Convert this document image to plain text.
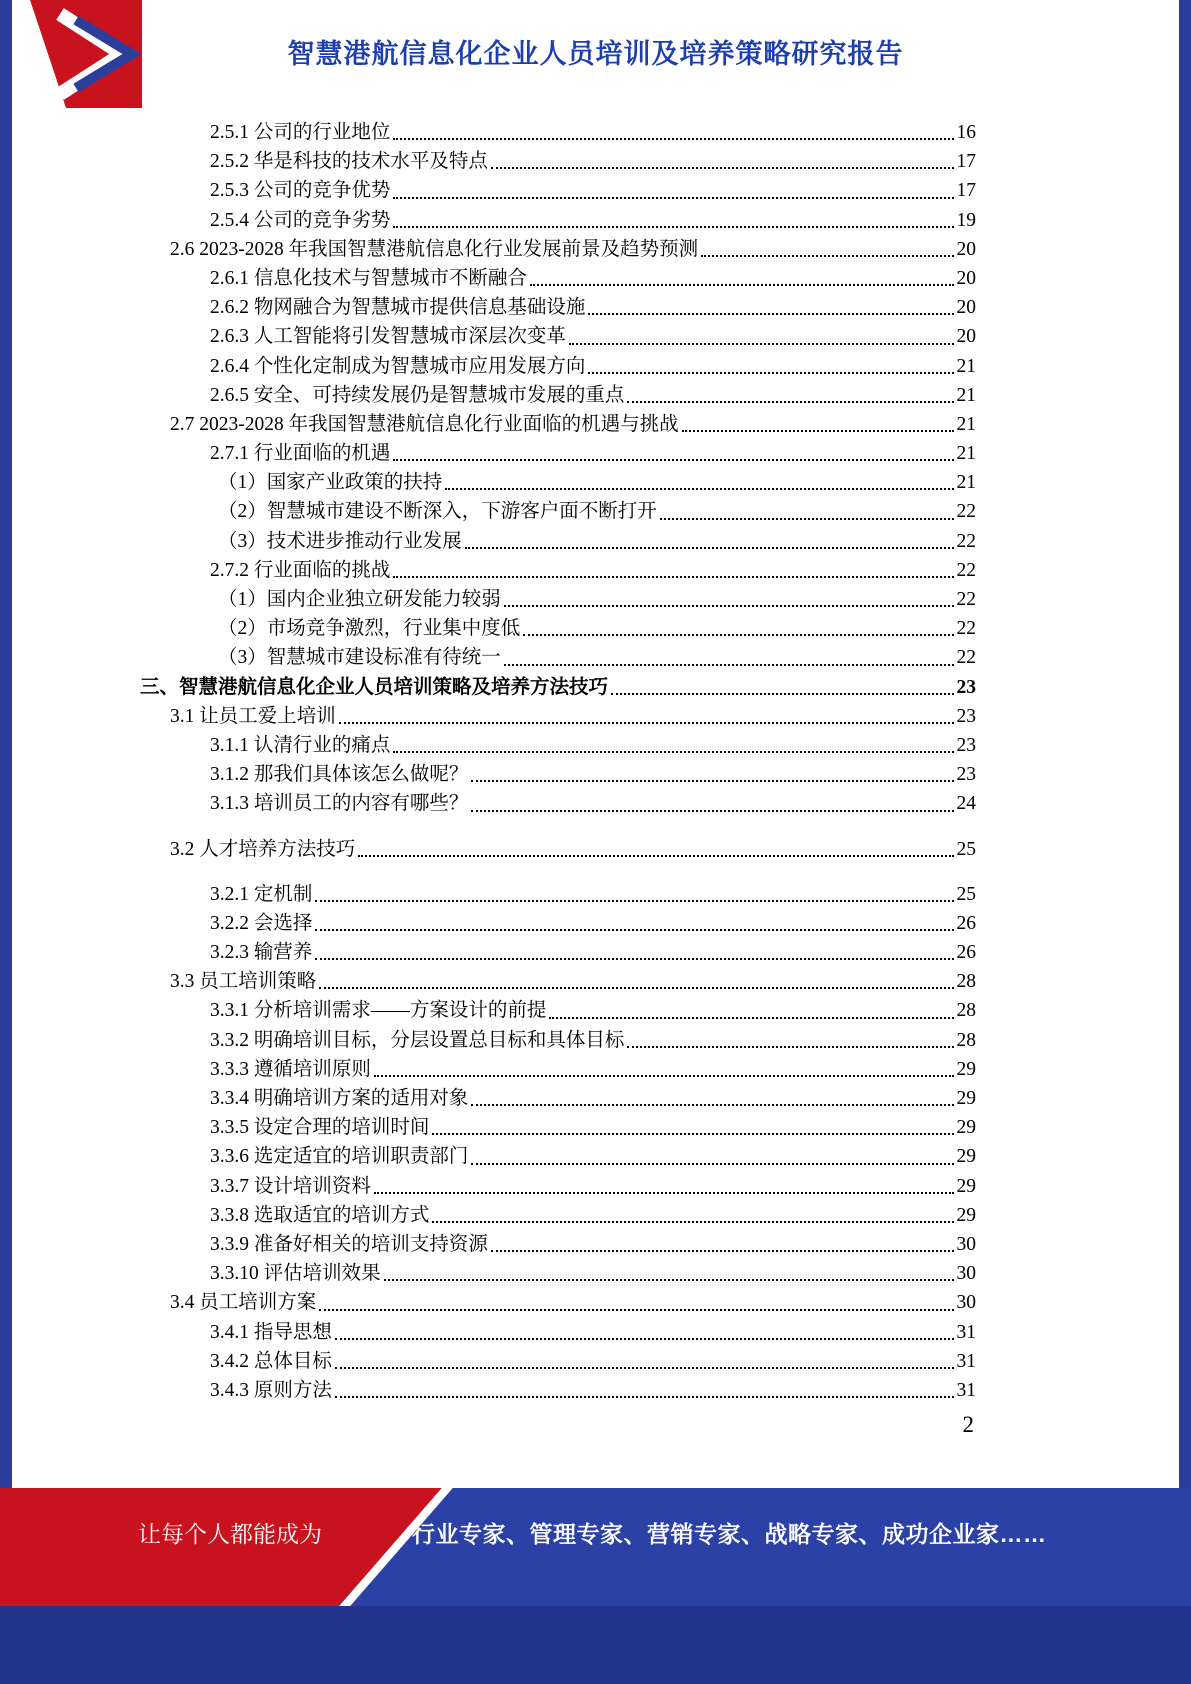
智慧港航信息化企业人员培训及培养策略研究报告
2.5.1 公司的行业地位	16
2.5.2 华是科技的技术水平及特点	17
2.5.3 公司的竞争优势	17
2.5.4 公司的竞争劣势	19
2.6 2023-2028 年我国智慧港航信息化行业发展前景及趋势预测	20
2.6.1 信息化技术与智慧城市不断融合	20
2.6.2 物网融合为智慧城市提供信息基础设施	20
2.6.3 人工智能将引发智慧城市深层次变革	20
2.6.4 个性化定制成为智慧城市应用发展方向	21
2.6.5 安全、可持续发展仍是智慧城市发展的重点	21
2.7 2023-2028 年我国智慧港航信息化行业面临的机遇与挑战	21
2.7.1 行业面临的机遇	21
（1）国家产业政策的扶持	21
（2）智慧城市建设不断深入，下游客户面不断打开	22
（3）技术进步推动行业发展	22
2.7.2 行业面临的挑战	22
（1）国内企业独立研发能力较弱	22
（2）市场竞争激烈，行业集中度低	22
（3）智慧城市建设标准有待统一	22
三、智慧港航信息化企业人员培训策略及培养方法技巧	23
3.1 让员工爱上培训	23
3.1.1 认清行业的痛点	23
3.1.2 那我们具体该怎么做呢？	23
3.1.3 培训员工的内容有哪些？	24
3.2 人才培养方法技巧	25
3.2.1 定机制	25
3.2.2 会选择	26
3.2.3 输营养	26
3.3 员工培训策略	28
3.3.1 分析培训需求——方案设计的前提	28
3.3.2 明确培训目标，分层设置总目标和具体目标	28
3.3.3 遵循培训原则	29
3.3.4 明确培训方案的适用对象	29
3.3.5 设定合理的培训时间	29
3.3.6 选定适宜的培训职责部门	29
3.3.7 设计培训资料	29
3.3.8 选取适宜的培训方式	29
3.3.9 准备好相关的培训支持资源	30
3.3.10 评估培训效果	30
3.4 员工培训方案	30
3.4.1 指导思想	31
3.4.2 总体目标	31
3.4.3 原则方法	31
2
让每个人都能成为	行业专家、管理专家、营销专家、战略专家、成功企业家……
